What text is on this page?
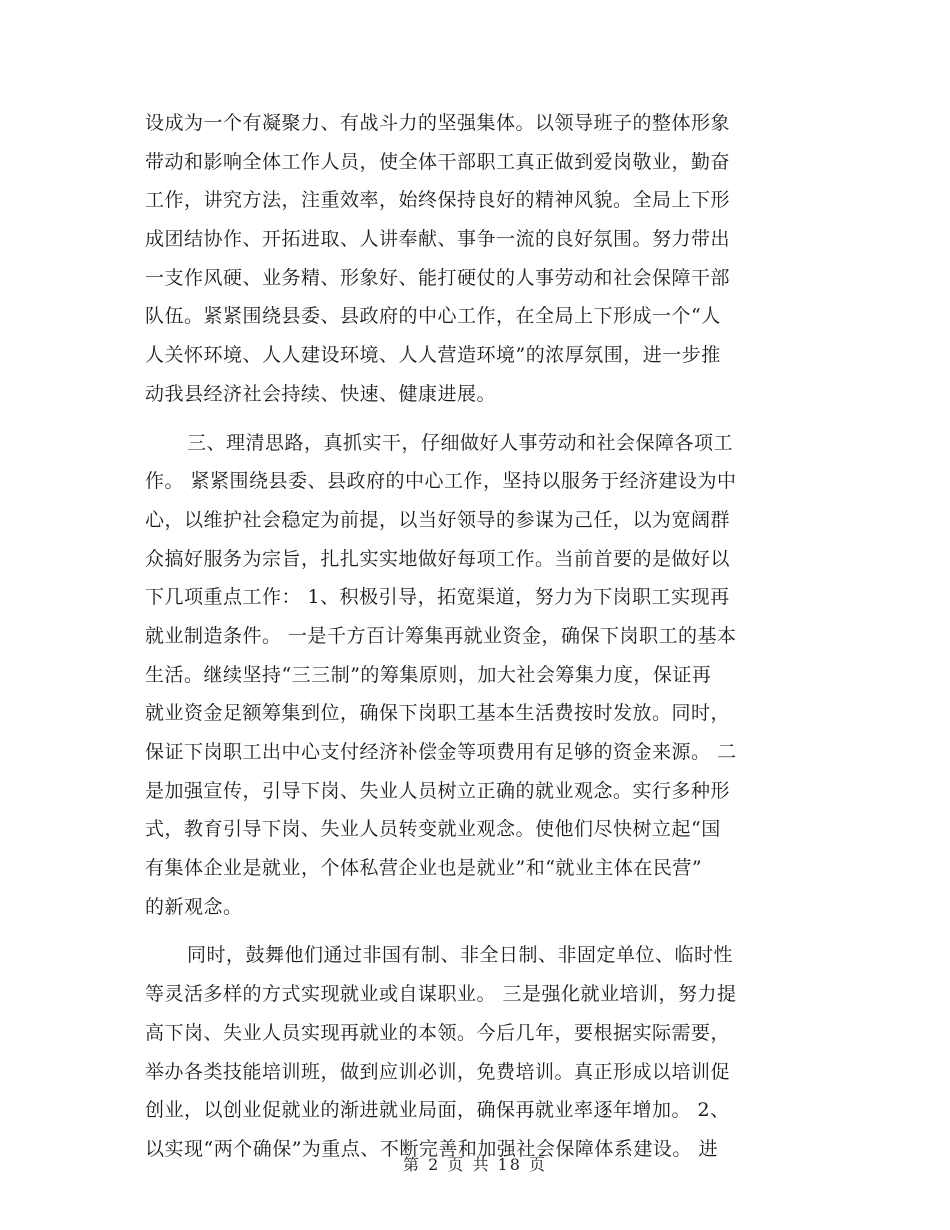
设成为一个有凝聚力、有战斗力的坚强集体。以领导班子的整体形象
带动和影响全体工作人员，使全体干部职工真正做到爱岗敬业，勤奋
工作，讲究方法，注重效率，始终保持良好的精神风貌。全局上下形
成团结协作、开拓进取、人讲奉献、事争一流的良好氛围。努力带出
一支作风硬、业务精、形象好、能打硬仗的人事劳动和社会保障干部
队伍。紧紧围绕县委、县政府的中心工作，在全局上下形成一个“人
人关怀环境、人人建设环境、人人营造环境”的浓厚氛围，进一步推
动我县经济社会持续、快速、健康进展。
三、理清思路，真抓实干，仔细做好人事劳动和社会保障各项工
作。 紧紧围绕县委、县政府的中心工作，坚持以服务于经济建设为中
心，以维护社会稳定为前提，以当好领导的参谋为己任，以为宽阔群
众搞好服务为宗旨，扎扎实实地做好每项工作。当前首要的是做好以
下几项重点工作： 1、积极引导，拓宽渠道，努力为下岗职工实现再
就业制造条件。 一是千方百计筹集再就业资金，确保下岗职工的基本
生活。继续坚持“三三制”的筹集原则，加大社会筹集力度，保证再
就业资金足额筹集到位，确保下岗职工基本生活费按时发放。同时，
保证下岗职工出中心支付经济补偿金等项费用有足够的资金来源。 二
是加强宣传，引导下岗、失业人员树立正确的就业观念。实行多种形
式，教育引导下岗、失业人员转变就业观念。使他们尽快树立起“国
有集体企业是就业，个体私营企业也是就业”和“就业主体在民营”
的新观念。
同时，鼓舞他们通过非国有制、非全日制、非固定单位、临时性
等灵活多样的方式实现就业或自谋职业。 三是强化就业培训，努力提
高下岗、失业人员实现再就业的本领。今后几年，要根据实际需要，
举办各类技能培训班，做到应训必训，免费培训。真正形成以培训促
创业，以创业促就业的渐进就业局面，确保再就业率逐年增加。 2、
以实现“两个确保”为重点、不断完善和加强社会保障体系建设。 进
第 2 页 共 18 页
